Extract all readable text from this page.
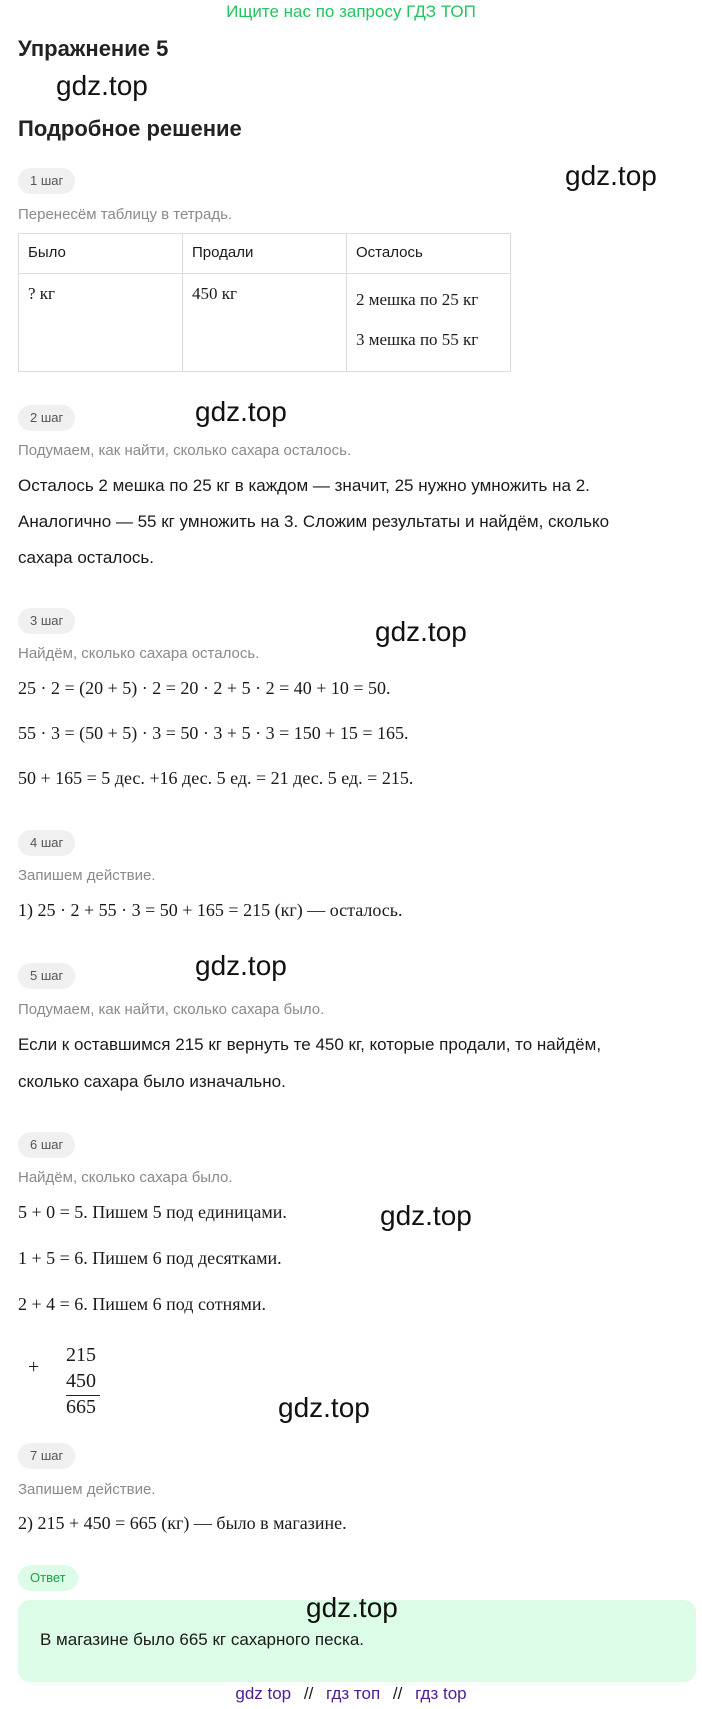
Ищите нас по запросу ГДЗ ТОП
Упражнение 5
gdz.top
Подробное решение
1 шаг	gdz.top
Перенесём таблицу в тетрадь.
Было	Продали	Осталось
? кг	450 кг	2 мешка по 25 кг
3 мешка по 55 кг
2 шаг	gdz.top
Подумаем, как найти, сколько сахара осталось.
Осталось 2 мешка по 25 кг в каждом — значит, 25 нужно умножить на 2.
Аналогично — 55 кг умножить на 3. Сложим результаты и найдём, сколько
сахара осталось.
3 шаг	gdz.top
Найдём, сколько сахара осталось.
25 · 2 = (20 + 5) · 2 = 20 · 2 + 5 · 2 = 40 + 10 = 50.
55 · 3 = (50 + 5) · 3 = 50 · 3 + 5 · 3 = 150 + 15 = 165.
50 + 165 = 5 дес. +16 дес. 5 ед. = 21 дес. 5 ед. = 215.
4 шаг
Запишем действие.
1) 25 · 2 + 55 · 3 = 50 + 165 = 215 (кг) — осталось.
5 шаг	gdz.top
Подумаем, как найти, сколько сахара было.
Если к оставшимся 215 кг вернуть те 450 кг, которые продали, то найдём,
сколько сахара было изначально.
6 шаг
Найдём, сколько сахара было.
5 + 0 = 5. Пишем 5 под единицами.	gdz.top
1 + 5 = 6. Пишем 6 под десятками.
2 + 4 = 6. Пишем 6 под сотнями.
+
215
450
665	gdz.top
7 шаг
Запишем действие.
2) 215 + 450 = 665 (кг) — было в магазине.
Ответ
gdz.top
В магазине было 665 кг сахарного песка.
gdz top // гдз топ // гдз top
